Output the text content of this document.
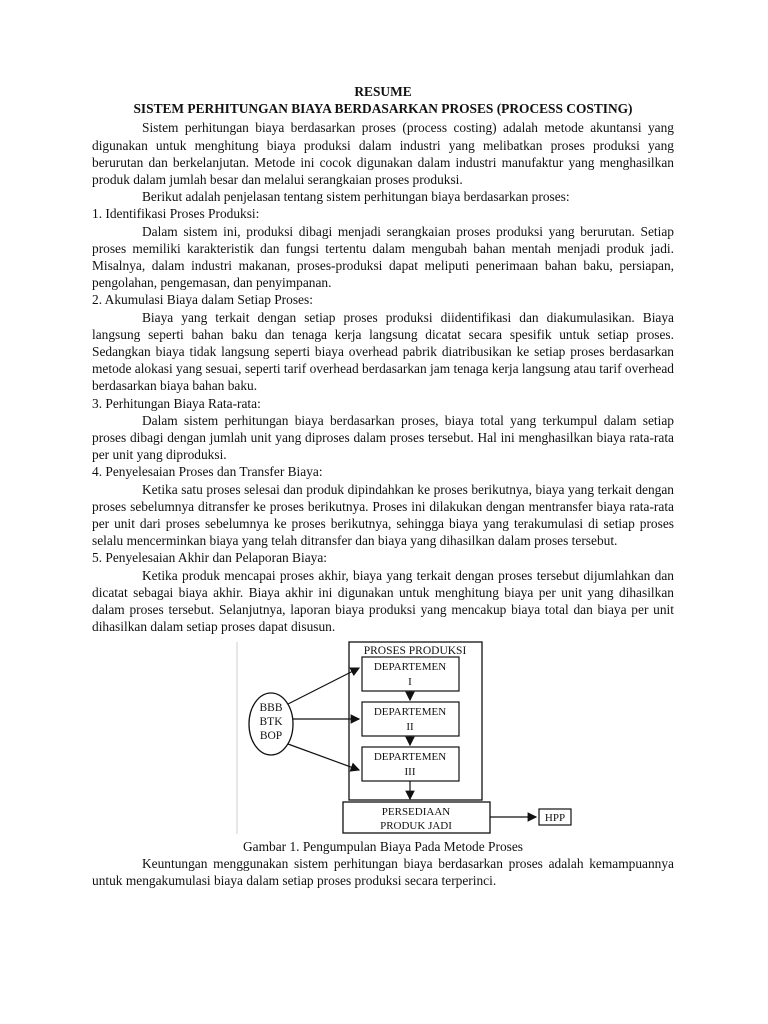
RESUME

SISTEM PERHITUNGAN BIAYA BERDASARKAN PROSES (PROCESS COSTING)

Sistem perhitungan biaya berdasarkan proses (process costing) adalah metode akuntansi yang digunakan untuk menghitung biaya produksi dalam industri yang melibatkan proses produksi yang berurutan dan berkelanjutan. Metode ini cocok digunakan dalam industri manufaktur yang menghasilkan produk dalam jumlah besar dan melalui serangkaian proses produksi.

Berikut adalah penjelasan tentang sistem perhitungan biaya berdasarkan proses:

1. Identifikasi Proses Produksi:

Dalam sistem ini, produksi dibagi menjadi serangkaian proses produksi yang berurutan. Setiap proses memiliki karakteristik dan fungsi tertentu dalam mengubah bahan mentah menjadi produk jadi. Misalnya, dalam industri makanan, proses-produksi dapat meliputi penerimaan bahan baku, persiapan, pengolahan, pengemasan, dan penyimpanan.

2. Akumulasi Biaya dalam Setiap Proses:

Biaya yang terkait dengan setiap proses produksi diidentifikasi dan diakumulasikan. Biaya langsung seperti bahan baku dan tenaga kerja langsung dicatat secara spesifik untuk setiap proses. Sedangkan biaya tidak langsung seperti biaya overhead pabrik diatribusikan ke setiap proses berdasarkan metode alokasi yang sesuai, seperti tarif overhead berdasarkan jam tenaga kerja langsung atau tarif overhead berdasarkan biaya bahan baku.

3. Perhitungan Biaya Rata-rata:

Dalam sistem perhitungan biaya berdasarkan proses, biaya total yang terkumpul dalam setiap proses dibagi dengan jumlah unit yang diproses dalam proses tersebut. Hal ini menghasilkan biaya rata-rata per unit yang diproduksi.

4. Penyelesaian Proses dan Transfer Biaya:

Ketika satu proses selesai dan produk dipindahkan ke proses berikutnya, biaya yang terkait dengan proses sebelumnya ditransfer ke proses berikutnya. Proses ini dilakukan dengan mentransfer biaya rata-rata per unit dari proses sebelumnya ke proses berikutnya, sehingga biaya yang terakumulasi di setiap proses selalu mencerminkan biaya yang telah ditransfer dan biaya yang dihasilkan dalam proses tersebut.

5. Penyelesaian Akhir dan Pelaporan Biaya:

Ketika produk mencapai proses akhir, biaya yang terkait dengan proses tersebut dijumlahkan dan dicatat sebagai biaya akhir. Biaya akhir ini digunakan untuk menghitung biaya per unit yang dihasilkan dalam proses tersebut. Selanjutnya, laporan biaya produksi yang mencakup biaya total dan biaya per unit dihasilkan dalam setiap proses dapat disusun.

BBB
BTK
BOP
PROSES PRODUKSI
DEPARTEMEN
I
DEPARTEMEN
II
DEPARTEMEN
III
PERSEDIAAN
PRODUK JADI
HPP

Gambar 1. Pengumpulan Biaya Pada Metode Proses

Keuntungan menggunakan sistem perhitungan biaya berdasarkan proses adalah kemampuannya untuk mengakumulasi biaya dalam setiap proses produksi secara terperinci.
